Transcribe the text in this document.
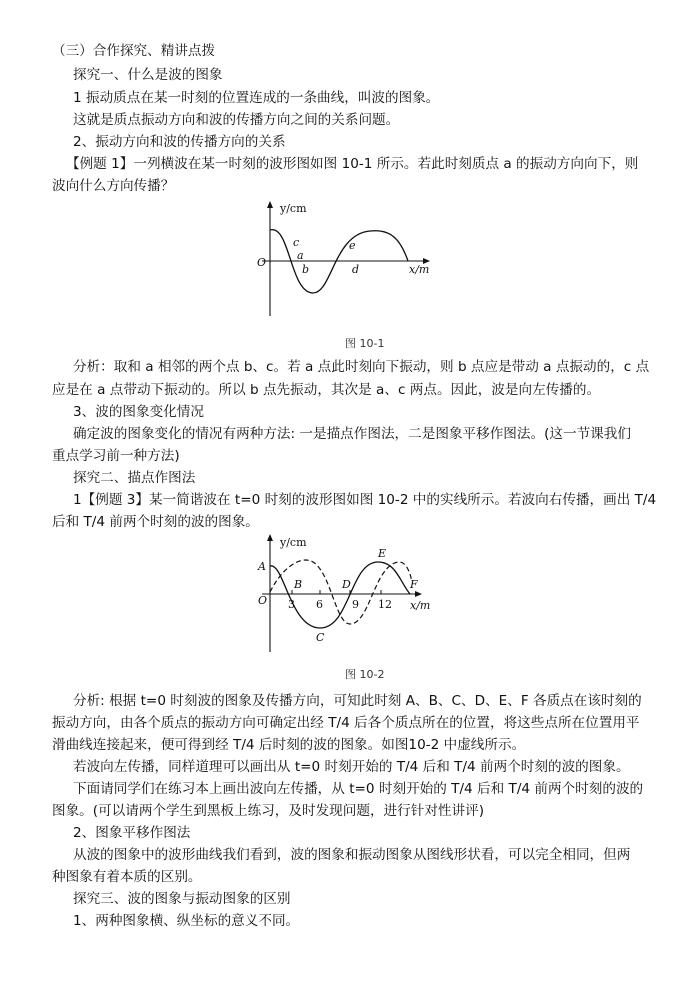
（三）合作探究、精讲点拨
探究一、什么是波的图象
1 振动质点在某一时刻的位置连成的一条曲线，叫波的图象。
这就是质点振动方向和波的传播方向之间的关系问题。
2、振动方向和波的传播方向的关系
【例题 1】一列横波在某一时刻的波形图如图 10-1 所示。若此时刻质点 a 的振动方向向下，则
波向什么方向传播？
y/cm
x/m
O
c
a
b
e
d
图 10-1
分析：取和 a 相邻的两个点 b、c。若 a 点此时刻向下振动，则 b 点应是带动 a 点振动的，c 点
应是在 a 点带动下振动的。所以 b 点先振动，其次是 a、c 两点。因此，波是向左传播的。
3、波的图象变化情况
确定波的图象变化的情况有两种方法: 一是描点作图法，二是图象平移作图法。(这一节课我们
重点学习前一种方法)
探究二、描点作图法
1【例题 3】某一简谐波在 t=0 时刻的波形图如图 10-2 中的实线所示。若波向右传播，画出 T/4
后和 T/4 前两个时刻的波的图象。
y/cm
x/m
O
A
B
C
D
E
F
3 6	9 12
图 10-2
分析: 根据 t=0 时刻波的图象及传播方向，可知此时刻 A、B、C、D、E、F 各质点在该时刻的
振动方向，由各个质点的振动方向可确定出经 T/4 后各个质点所在的位置，将这些点所在位置用平
滑曲线连接起来，便可得到经 T/4 后时刻的波的图象。如图10-2 中虚线所示。
若波向左传播，同样道理可以画出从 t=0 时刻开始的 T/4 后和 T/4 前两个时刻的波的图象。
下面请同学们在练习本上画出波向左传播，从 t=0 时刻开始的 T/4 后和 T/4 前两个时刻的波的
图象。(可以请两个学生到黑板上练习，及时发现问题，进行针对性讲评)
2、图象平移作图法
从波的图象中的波形曲线我们看到，波的图象和振动图象从图线形状看，可以完全相同，但两
种图象有着本质的区别。
探究三、波的图象与振动图象的区别
1、两种图象横、纵坐标的意义不同。
